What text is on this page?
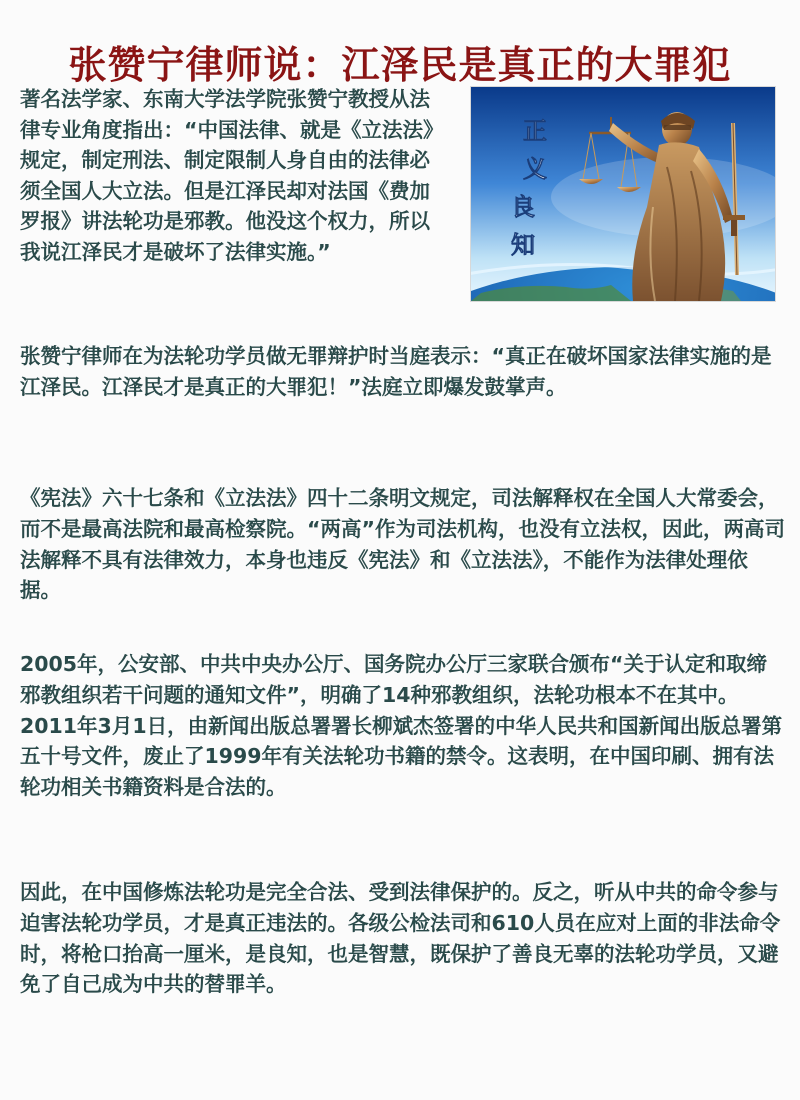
张赞宁律师说：江泽民是真正的大罪犯

著名法学家、东南大学法学院张赞宁教授从法律专业角度指出：“中国法律、就是《立法法》规定，制定刑法、制定限制人身自由的法律必须全国人大立法。但是江泽民却对法国《费加罗报》讲法轮功是邪教。他没这个权力，所以我说江泽民才是破坏了法律实施。”

正
义
良
知

张赞宁律师在为法轮功学员做无罪辩护时当庭表示：“真正在破坏国家法律实施的是江泽民。江泽民才是真正的大罪犯！”法庭立即爆发鼓掌声。

《宪法》六十七条和《立法法》四十二条明文规定，司法解释权在全国人大常委会，而不是最高法院和最高检察院。“两高”作为司法机构，也没有立法权，因此，两高司法解释不具有法律效力，本身也违反《宪法》和《立法法》，不能作为法律处理依据。

2005年，公安部、中共中央办公厅、国务院办公厅三家联合颁布“关于认定和取缔邪教组织若干问题的通知文件”，明确了14种邪教组织，法轮功根本不在其中。2011年3月1日，由新闻出版总署署长柳斌杰签署的中华人民共和国新闻出版总署第五十号文件，废止了1999年有关法轮功书籍的禁令。这表明，在中国印刷、拥有法轮功相关书籍资料是合法的。

因此，在中国修炼法轮功是完全合法、受到法律保护的。反之，听从中共的命令参与迫害法轮功学员，才是真正违法的。各级公检法司和610人员在应对上面的非法命令时，将枪口抬高一厘米，是良知，也是智慧，既保护了善良无辜的法轮功学员，又避免了自己成为中共的替罪羊。
